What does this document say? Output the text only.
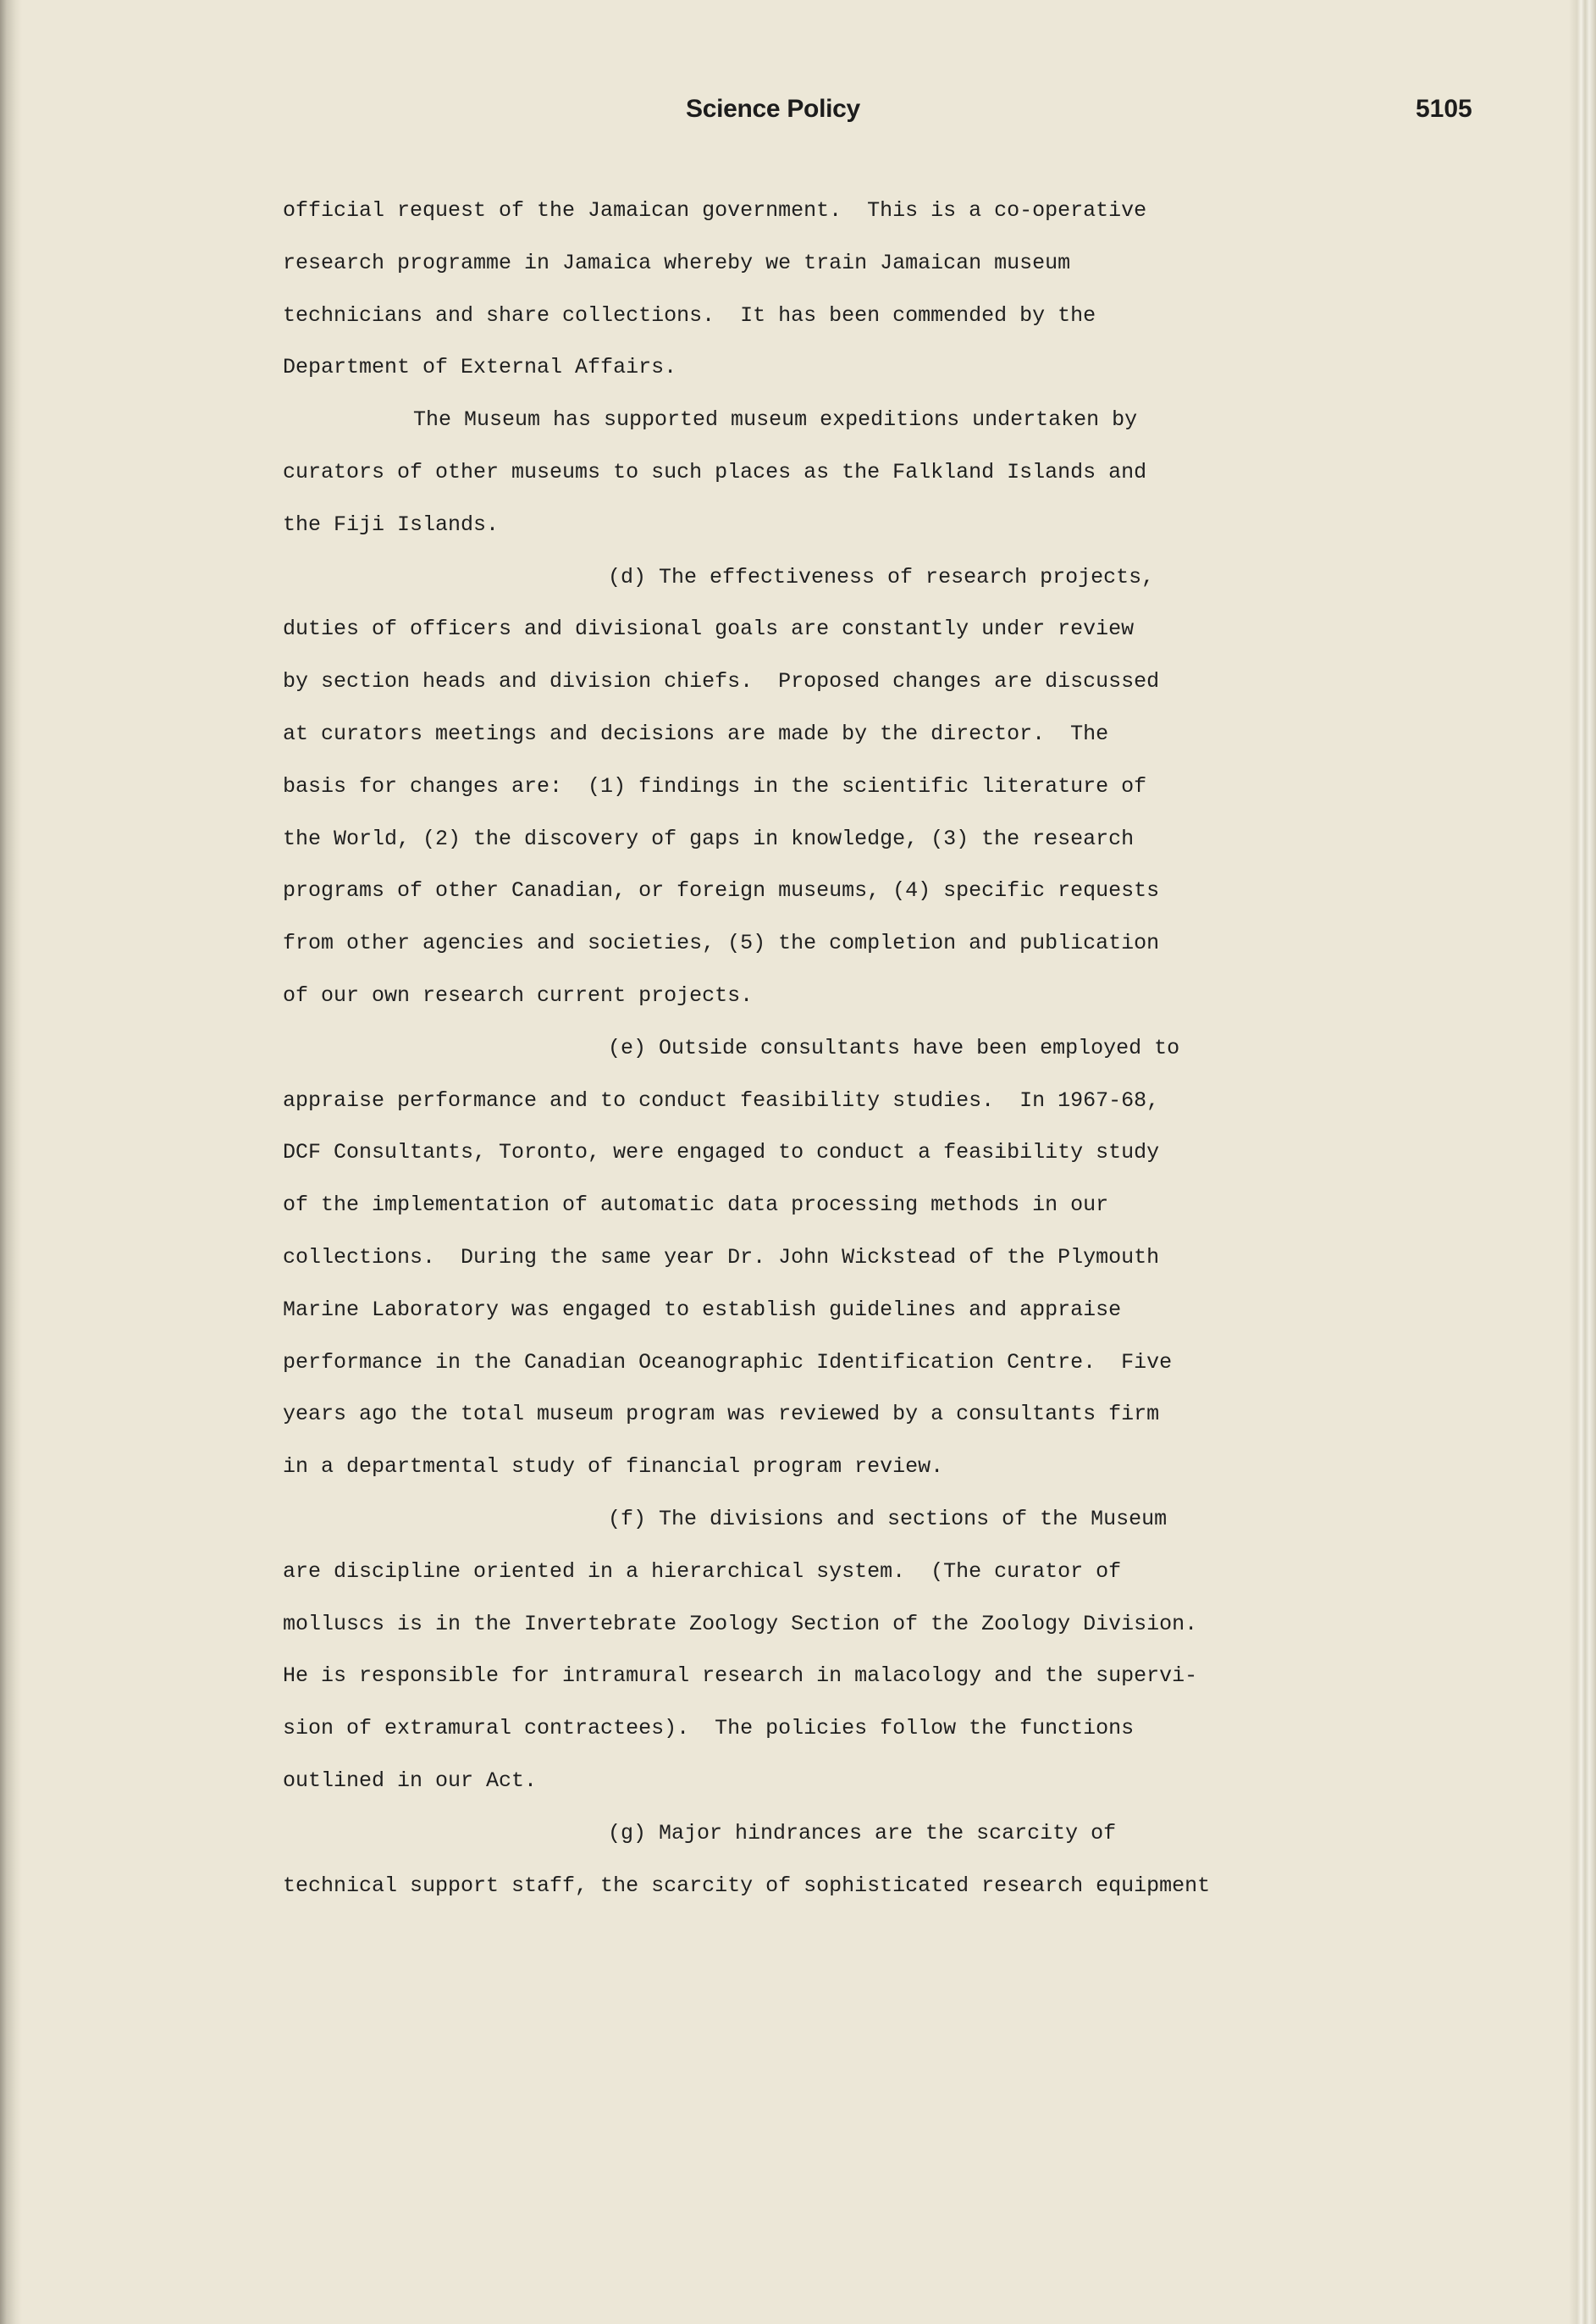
Science Policy	5105
official request of the Jamaican government.  This is a co-operative
research programme in Jamaica whereby we train Jamaican museum
technicians and share collections.  It has been commended by the
Department of External Affairs.
The Museum has supported museum expeditions undertaken by
curators of other museums to such places as the Falkland Islands and
the Fiji Islands.
(d) The effectiveness of research projects,
duties of officers and divisional goals are constantly under review
by section heads and division chiefs.  Proposed changes are discussed
at curators meetings and decisions are made by the director.  The
basis for changes are:  (1) findings in the scientific literature of
the World, (2) the discovery of gaps in knowledge, (3) the research
programs of other Canadian, or foreign museums, (4) specific requests
from other agencies and societies, (5) the completion and publication
of our own research current projects.
(e) Outside consultants have been employed to
appraise performance and to conduct feasibility studies.  In 1967-68,
DCF Consultants, Toronto, were engaged to conduct a feasibility study
of the implementation of automatic data processing methods in our
collections.  During the same year Dr. John Wickstead of the Plymouth
Marine Laboratory was engaged to establish guidelines and appraise
performance in the Canadian Oceanographic Identification Centre.  Five
years ago the total museum program was reviewed by a consultants firm
in a departmental study of financial program review.
(f) The divisions and sections of the Museum
are discipline oriented in a hierarchical system.  (The curator of
molluscs is in the Invertebrate Zoology Section of the Zoology Division.
He is responsible for intramural research in malacology and the supervi-
sion of extramural contractees).  The policies follow the functions
outlined in our Act.
(g) Major hindrances are the scarcity of
technical support staff, the scarcity of sophisticated research equipment
